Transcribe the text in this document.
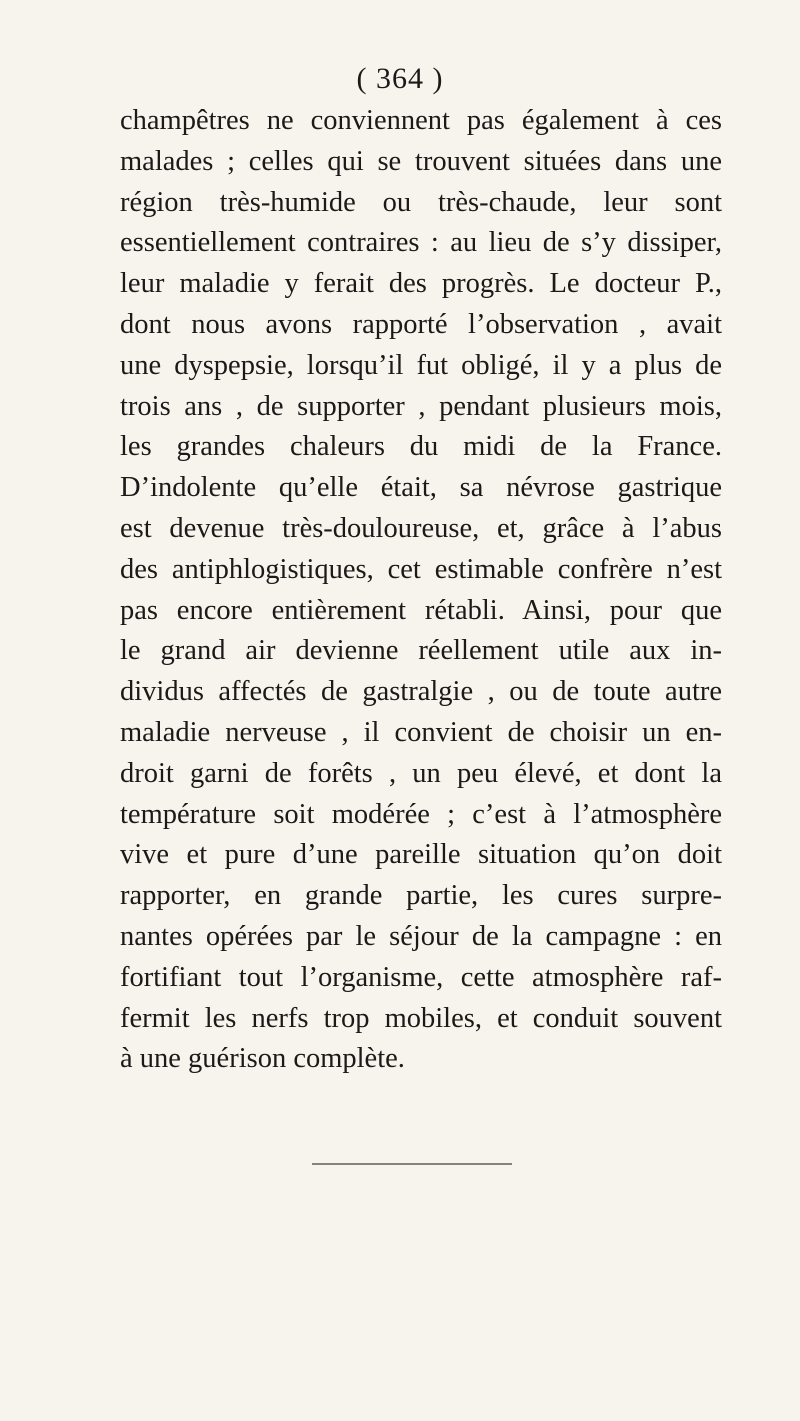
( 364 )
champêtres ne conviennent pas également à ces
malades ; celles qui se trouvent situées dans une
région très-humide ou très-chaude, leur sont
essentiellement contraires : au lieu de s’y dissiper,
leur maladie y ferait des progrès. Le docteur P.,
dont nous avons rapporté l’observation , avait
une dyspepsie, lorsqu’il fut obligé, il y a plus de
trois ans , de supporter , pendant plusieurs mois,
les grandes chaleurs du midi de la France.
D’indolente qu’elle était, sa névrose gastrique
est devenue très-douloureuse, et, grâce à l’abus
des antiphlogistiques, cet estimable confrère n’est
pas encore entièrement rétabli. Ainsi, pour que
le grand air devienne réellement utile aux in-
dividus affectés de gastralgie , ou de toute autre
maladie nerveuse , il convient de choisir un en-
droit garni de forêts , un peu élevé, et dont la
température soit modérée ; c’est à l’atmosphère
vive et pure d’une pareille situation qu’on doit
rapporter, en grande partie, les cures surpre-
nantes opérées par le séjour de la campagne : en
fortifiant tout l’organisme, cette atmosphère raf-
fermit les nerfs trop mobiles, et conduit souvent
à une guérison complète.
